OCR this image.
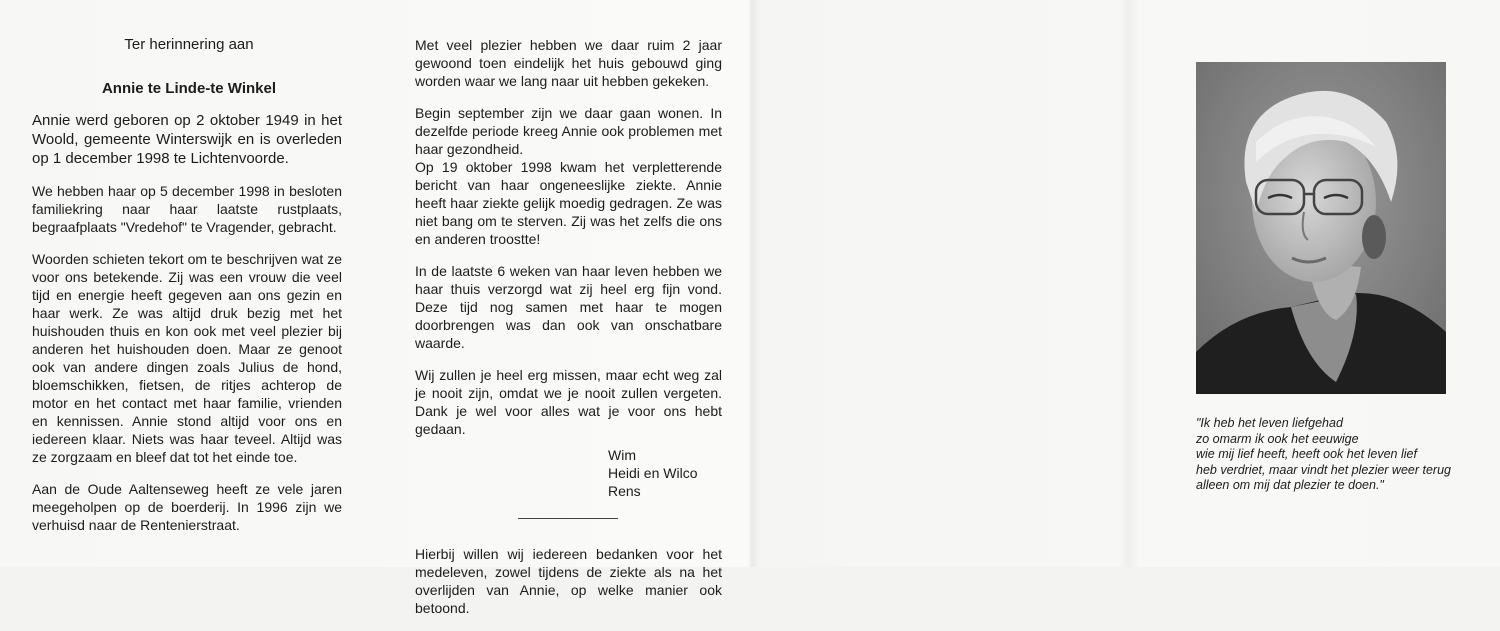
Ter herinnering aan
Annie te Linde-te Winkel

Annie werd geboren op 2 oktober 1949 in het Woold, gemeente Winterswijk en is overleden op 1 december 1998 te Lichtenvoorde.

We hebben haar op 5 december 1998 in besloten familiekring naar haar laatste rustplaats, begraafplaats "Vredehof" te Vragender, gebracht.

Woorden schieten tekort om te beschrijven wat ze voor ons betekende. Zij was een vrouw die veel tijd en energie heeft gegeven aan ons gezin en haar werk. Ze was altijd druk bezig met het huishouden thuis en kon ook met veel plezier bij anderen het huishouden doen. Maar ze genoot ook van andere dingen zoals Julius de hond, bloemschikken, fietsen, de ritjes achterop de motor en het contact met haar familie, vrienden en kennissen. Annie stond altijd voor ons en iedereen klaar. Niets was haar teveel. Altijd was ze zorgzaam en bleef dat tot het einde toe.

Aan de Oude Aaltenseweg heeft ze vele jaren meegeholpen op de boerderij. In 1996 zijn we verhuisd naar de Rentenierstraat.

Met veel plezier hebben we daar ruim 2 jaar gewoond toen eindelijk het huis gebouwd ging worden waar we lang naar uit hebben gekeken.

Begin september zijn we daar gaan wonen. In dezelfde periode kreeg Annie ook problemen met haar gezondheid.

Op 19 oktober 1998 kwam het verpletterende bericht van haar ongeneeslijke ziekte. Annie heeft haar ziekte gelijk moedig gedragen. Ze was niet bang om te sterven. Zij was het zelfs die ons en anderen troostte!

In de laatste 6 weken van haar leven hebben we haar thuis verzorgd wat zij heel erg fijn vond. Deze tijd nog samen met haar te mogen doorbrengen was dan ook van onschatbare waarde.

Wij zullen je heel erg missen, maar echt weg zal je nooit zijn, omdat we je nooit zullen vergeten. Dank je wel voor alles wat je voor ons hebt gedaan.

Wim
Heidi en Wilco
Rens

Hierbij willen wij iedereen bedanken voor het medeleven, zowel tijdens de ziekte als na het overlijden van Annie, op welke manier ook betoond.

"Ik heb het leven liefgehad
zo omarm ik ook het eeuwige
wie mij lief heeft, heeft ook het leven lief
heb verdriet, maar vindt het plezier weer terug
alleen om mij dat plezier te doen."
